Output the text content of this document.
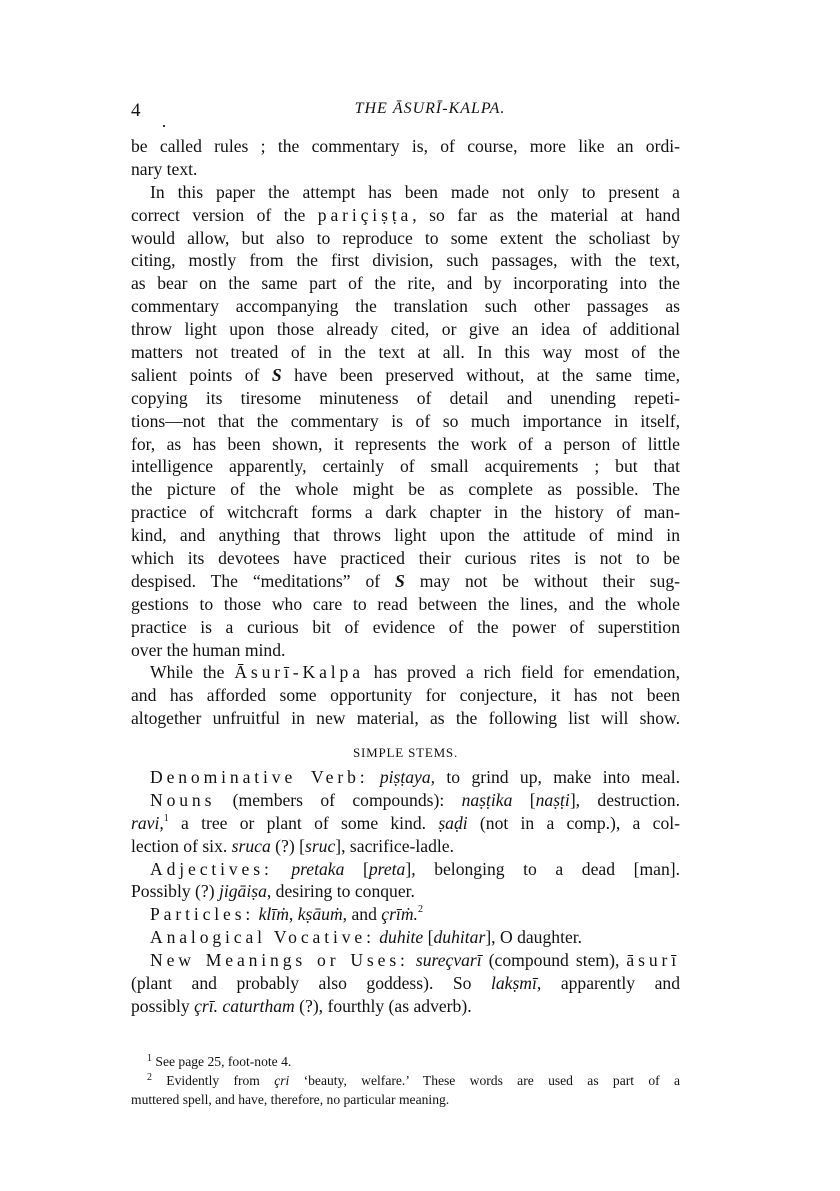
4	THE ĀSURĪ-KALPA.
be called rules ; the commentary is, of course, more like an ordi-
nary text.
In this paper the attempt has been made not only to present a
correct version of the pariçiṣṭa, so far as the material at hand
would allow, but also to reproduce to some extent the scholiast by
citing, mostly from the first division, such passages, with the text,
as bear on the same part of the rite, and by incorporating into the
commentary accompanying the translation such other passages as
throw light upon those already cited, or give an idea of additional
matters not treated of in the text at all. In this way most of the
salient points of S have been preserved without, at the same time,
copying its tiresome minuteness of detail and unending repeti-
tions—not that the commentary is of so much importance in itself,
for, as has been shown, it represents the work of a person of little
intelligence apparently, certainly of small acquirements ; but that
the picture of the whole might be as complete as possible. The
practice of witchcraft forms a dark chapter in the history of man-
kind, and anything that throws light upon the attitude of mind in
which its devotees have practiced their curious rites is not to be
despised. The “meditations” of S may not be without their sug-
gestions to those who care to read between the lines, and the whole
practice is a curious bit of evidence of the power of superstition
over the human mind.
While the Āsurī-Kalpa has proved a rich field for emendation,
and has afforded some opportunity for conjecture, it has not been
altogether unfruitful in new material, as the following list will show.
SIMPLE STEMS.
Denominative Verb: piṣṭaya, to grind up, make into meal.
Nouns (members of compounds): naṣṭika [naṣṭi], destruction.
ravi,$^1$ a tree or plant of some kind. ṣaḍi (not in a comp.), a col-
lection of six. sruca (?) [sruc], sacrifice-ladle.
Adjectives: pretaka [preta], belonging to a dead [man].
Possibly (?) jigāiṣa, desiring to conquer.
Particles: klīṁ, kṣāuṁ, and çrīṁ.$^2$
Analogical Vocative: duhite [duhitar], O daughter.
New Meanings or Uses: sureçvarī (compound stem), āsurī
(plant and probably also goddess). So lakṣmī, apparently and
possibly çrī. caturtham (?), fourthly (as adverb).
$^1$ See page 25, foot-note 4.
$^2$ Evidently from çri ‘beauty, welfare.’ These words are used as part of a
muttered spell, and have, therefore, no particular meaning.
